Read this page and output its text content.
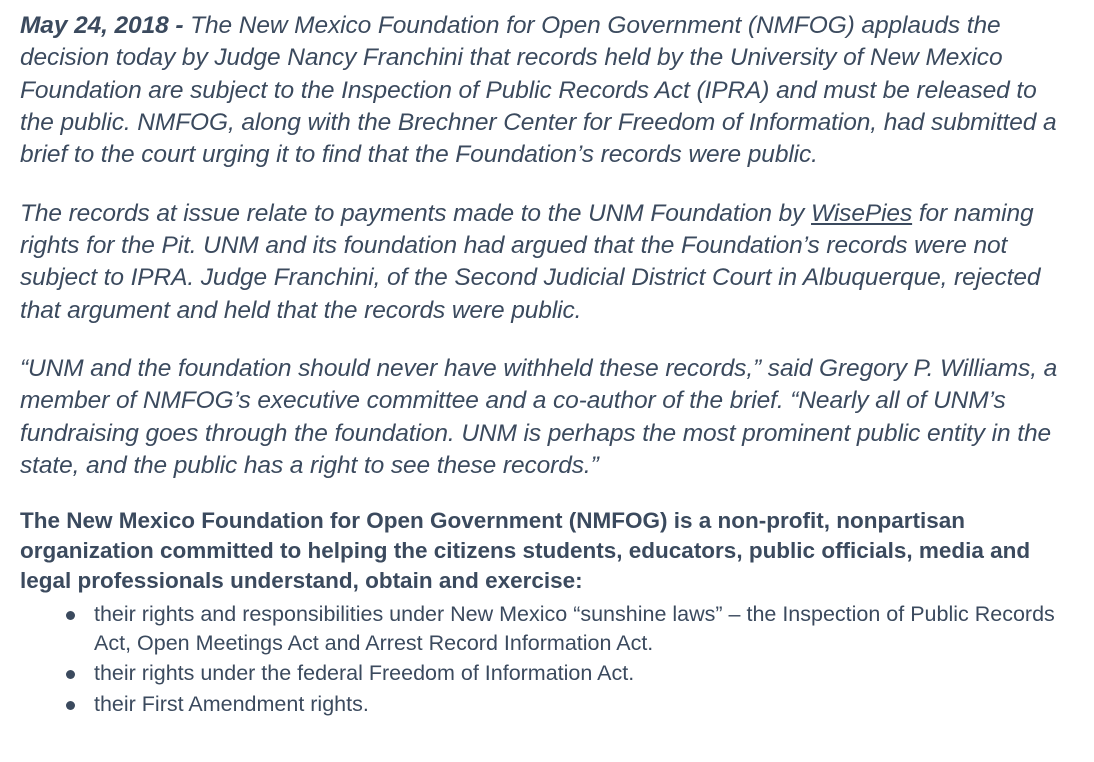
May 24, 2018 - The New Mexico Foundation for Open Government (NMFOG) applauds the decision today by Judge Nancy Franchini that records held by the University of New Mexico Foundation are subject to the Inspection of Public Records Act (IPRA) and must be released to the public. NMFOG, along with the Brechner Center for Freedom of Information, had submitted a brief to the court urging it to find that the Foundation’s records were public.

The records at issue relate to payments made to the UNM Foundation by WisePies for naming rights for the Pit. UNM and its foundation had argued that the Foundation’s records were not subject to IPRA. Judge Franchini, of the Second Judicial District Court in Albuquerque, rejected that argument and held that the records were public.

“UNM and the foundation should never have withheld these records,” said Gregory P. Williams, a member of NMFOG’s executive committee and a co-author of the brief. “Nearly all of UNM’s fundraising goes through the foundation. UNM is perhaps the most prominent public entity in the state, and the public has a right to see these records.”

The New Mexico Foundation for Open Government (NMFOG) is a non-profit, nonpartisan organization committed to helping the citizens students, educators, public officials, media and legal professionals understand, obtain and exercise:

their rights and responsibilities under New Mexico “sunshine laws” – the Inspection of Public Records Act, Open Meetings Act and Arrest Record Information Act.
their rights under the federal Freedom of Information Act.
their First Amendment rights.
